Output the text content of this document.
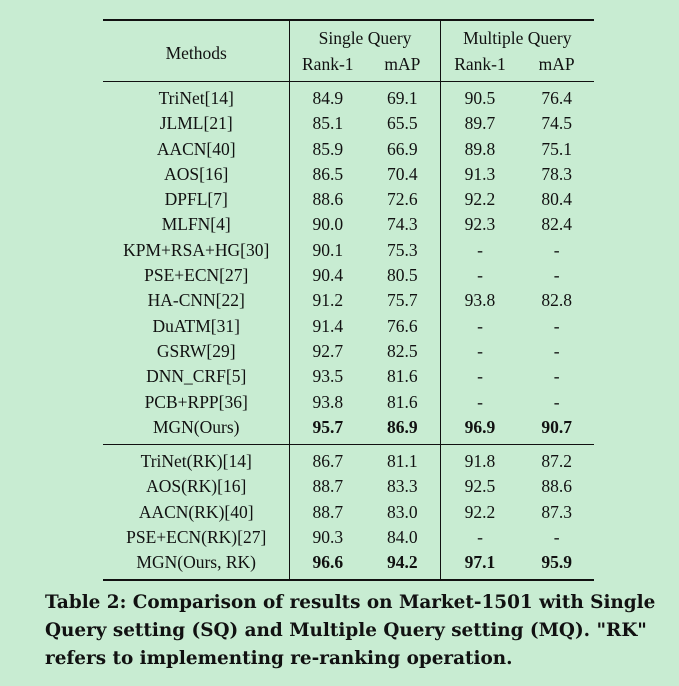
Methods	Single Query		Multiple Query	
	Rank-1	mAP	Rank-1	mAP
TriNet[14]	84.9	69.1	90.5	76.4
JLML[21]	85.1	65.5	89.7	74.5
AACN[40]	85.9	66.9	89.8	75.1
AOS[16]	86.5	70.4	91.3	78.3
DPFL[7]	88.6	72.6	92.2	80.4
MLFN[4]	90.0	74.3	92.3	82.4
KPM+RSA+HG[30]	90.1	75.3	-	-
PSE+ECN[27]	90.4	80.5	-	-
HA-CNN[22]	91.2	75.7	93.8	82.8
DuATM[31]	91.4	76.6	-	-
GSRW[29]	92.7	82.5	-	-
DNN_CRF[5]	93.5	81.6	-	-
PCB+RPP[36]	93.8	81.6	-	-
MGN(Ours)	95.7	86.9	96.9	90.7
TriNet(RK)[14]	86.7	81.1	91.8	87.2
AOS(RK)[16]	88.7	83.3	92.5	88.6
AACN(RK)[40]	88.7	83.0	92.2	87.3
PSE+ECN(RK)[27]	90.3	84.0	-	-
MGN(Ours, RK)	96.6	94.2	97.1	95.9
Table 2: Comparison of results on Market-1501 with Single Query setting (SQ) and Multiple Query setting (MQ). "RK" refers to implementing re-ranking operation.
